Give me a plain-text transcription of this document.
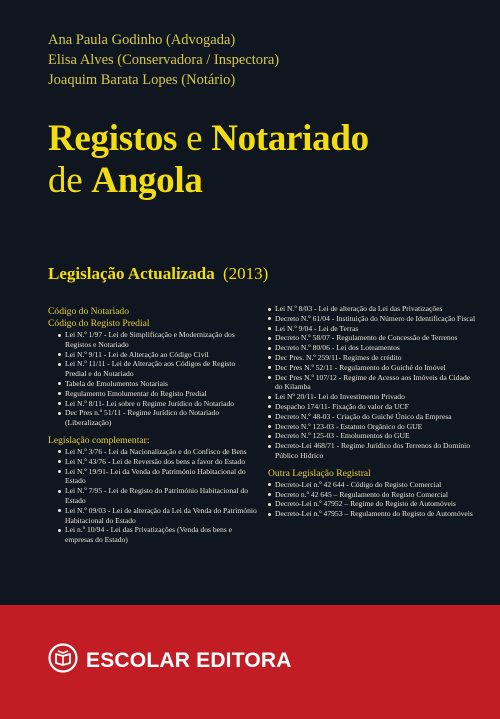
Ana Paula Godinho (Advogada)
Elisa Alves (Conservadora / Inspectora)
Joaquim Barata Lopes (Notário)
Registos e Notariado
de Angola
Legislação Actualizada (2013)
Código do Notariado
Código do Registo Predial
Lei N.º 1/97 - Lei de Simplificação e Modernização dos Registos e Notariado
Lei N.º 9/11 - Lei de Alteração ao Código Civil
Lei N.º 11/11 - Lei de Alteração aos Códigos de Registo Predial e do Notariado
Tabela de Emolumentos Notariais
Regulamento Emolumentar do Registo Predial
Lei N.º 8/11- Lei sobre o Regime Jurídico do Notariado
Dec Pres n.º 51/11 - Regime Jurídico do Notariado (Liberalização)
Legislação complementar:
Lei N.º 3/76 - Lei da Nacionalização e do Confisco de Bens
Lei N.º 43/76 - Lei de Reversão dos bens a favor do Estado
Lei N.º 19/91- Lei da Venda do Património Habitacional do Estado
Lei N.º 7/95 - Lei de Registo do Património Habitacional do Estado
Lei N.º 09/03 - Lei de alteração da Lei da Venda do Património Habitacional do Estado
Lei n.º 10/94 - Lei das Privatizações (Venda dos bens e empresas do Estado)
Lei N.º 8/03 - Lei de alteração da Lei das Privatizações
Decreto N.º 61/04 - Instituição do Número de Identificação Fiscal
Lei N.º 9/04 - Lei de Terras
Decreto N.º 58/07 - Regulamento de Concessão de Terrenos
Decreto N.º 80/06 - Lei dos Loteamentos
Dec Pres. N.º 259/11- Regimes de crédito
Dec Pres N.º 52/11 - Regulamento do Guiché do Imóvel
Dec Pres N.º 107/12 - Regime de Acesso aos Imóveis da Cidade do Kilamba
Lei Nº 20/11- Lei do Investimento Privado
Despacho 174/11- Fixação do valor da UCF
Decreto N.º 48-03 - Criação do Guiché Único da Empresa
Decreto N.º 123-03 - Estatuto Orgânico do GUE
Decreto N.º 125-03 - Emolumentos do GUE
Decreto-Lei 468/71 - Regime Jurídico dos Terrenos do Domínio Público Hídrico
Outra Legislação Registral
Decreto-Lei n.º 42 644 - Código do Registo Comercial
Decreto n.º 42 645 – Regulamento do Registo Comercial
Decreto-Lei n.º 47952 – Regime do Registo de Automóveis
Decreto-Lei n.º 47953 – Regulamento do Registo de Automóveis
ESCOLAR EDITORA
